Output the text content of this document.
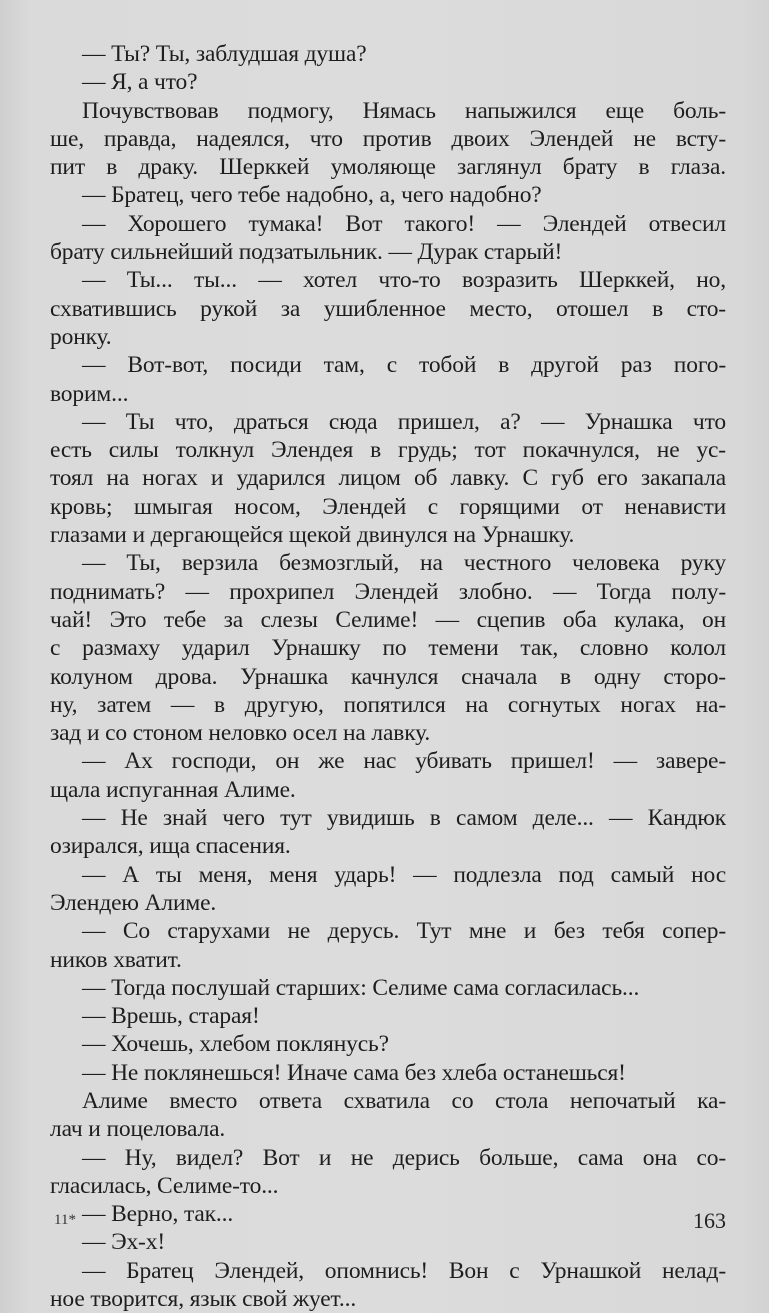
— Ты? Ты, заблудшая душа?
— Я, а что?
Почувствовав подмогу, Нямась напыжился еще боль-
ше, правда, надеялся, что против двоих Элендей не всту-
пит в драку. Шерккей умоляюще заглянул брату в глаза.
— Братец, чего тебе надобно, а, чего надобно?
— Хорошего тумака! Вот такого! — Элендей отвесил
брату сильнейший подзатыльник. — Дурак старый!
— Ты... ты... — хотел что-то возразить Шерккей, но,
схватившись рукой за ушибленное место, отошел в сто-
ронку.
— Вот-вот, посиди там, с тобой в другой раз пого-
ворим...
— Ты что, драться сюда пришел, а? — Урнашка что
есть силы толкнул Элендея в грудь; тот покачнулся, не ус-
тоял на ногах и ударился лицом об лавку. С губ его закапала
кровь; шмыгая носом, Элендей с горящими от ненависти
глазами и дергающейся щекой двинулся на Урнашку.
— Ты, верзила безмозглый, на честного человека руку
поднимать? — прохрипел Элендей злобно. — Тогда полу-
чай! Это тебе за слезы Селиме! — сцепив оба кулака, он
с размаху ударил Урнашку по темени так, словно колол
колуном дрова. Урнашка качнулся сначала в одну сторо-
ну, затем — в другую, попятился на согнутых ногах на-
зад и со стоном неловко осел на лавку.
— Ах господи, он же нас убивать пришел! — завере-
щала испуганная Алиме.
— Не знай чего тут увидишь в самом деле... — Кандюк
озирался, ища спасения.
— А ты меня, меня ударь! — подлезла под самый нос
Элендею Алиме.
— Со старухами не дерусь. Тут мне и без тебя сопер-
ников хватит.
— Тогда послушай старших: Селиме сама согласилась...
— Врешь, старая!
— Хочешь, хлебом поклянусь?
— Не поклянешься! Иначе сама без хлеба останешься!
Алиме вместо ответа схватила со стола непочатый ка-
лач и поцеловала.
— Ну, видел? Вот и не дерись больше, сама она со-
гласилась, Селиме-то...
— Верно, так...
— Эх-х!
— Братец Элендей, опомнись! Вон с Урнашкой нелад-
ное творится, язык свой жует...
11*	163
